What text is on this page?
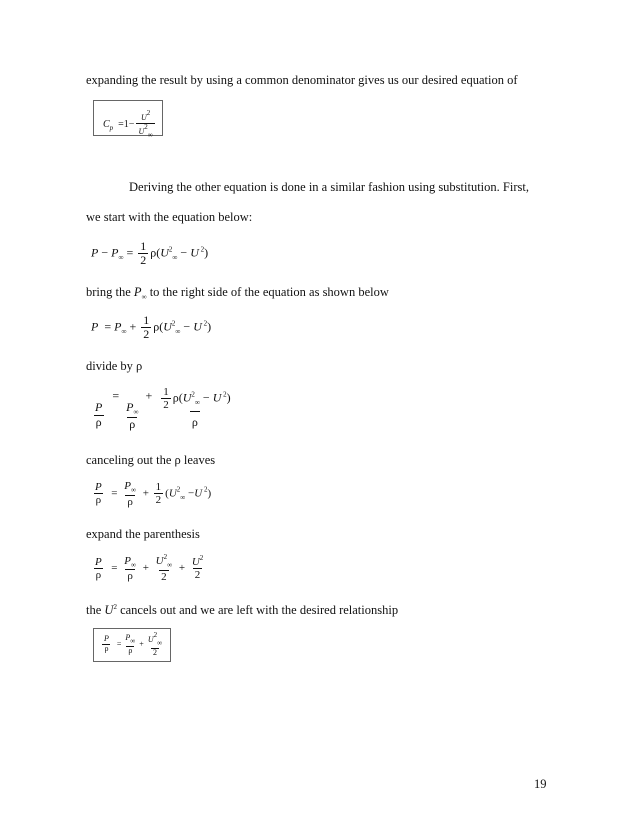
expanding the result by using a common denominator gives us our desired equation of
$C_p =1- \frac{U2}{U2\infty}$
Deriving the other equation is done in a similar fashion using substitution. First,
we start with the equation below:
$P - P_\infty = \frac{1}{2} \rho(U^2_\infty - U$ $^2$)
bring the $P_\infty$ to the right side of the equation as shown below
$P = P_\infty + \frac{1}{2} \rho(U^2_\infty - U$ $^2$)
divide by ρ
$\frac{P}{\rho}$
=
$\frac{P_\infty}{\rho}$
+ $\frac{\frac{1}{2} \rho(U^2_\infty - U ^2)}{\rho}$
canceling out the ρ leaves
$\frac{P}{\rho} = \frac{P_\infty}{\rho} + \frac{1}{2} (U^2_\infty -U$ $^2$)
expand the parenthesis
$\frac{P}{\rho} = \frac{P_\infty}{\rho} + \frac{U^2_\infty}{2} + \frac{U^2}{2}$
the $U^2$ cancels out and we are left with the desired relationship
$\frac{P}{\rho} = \frac{P\infty}{\rho} + \frac{U2\infty}{2}$
19
